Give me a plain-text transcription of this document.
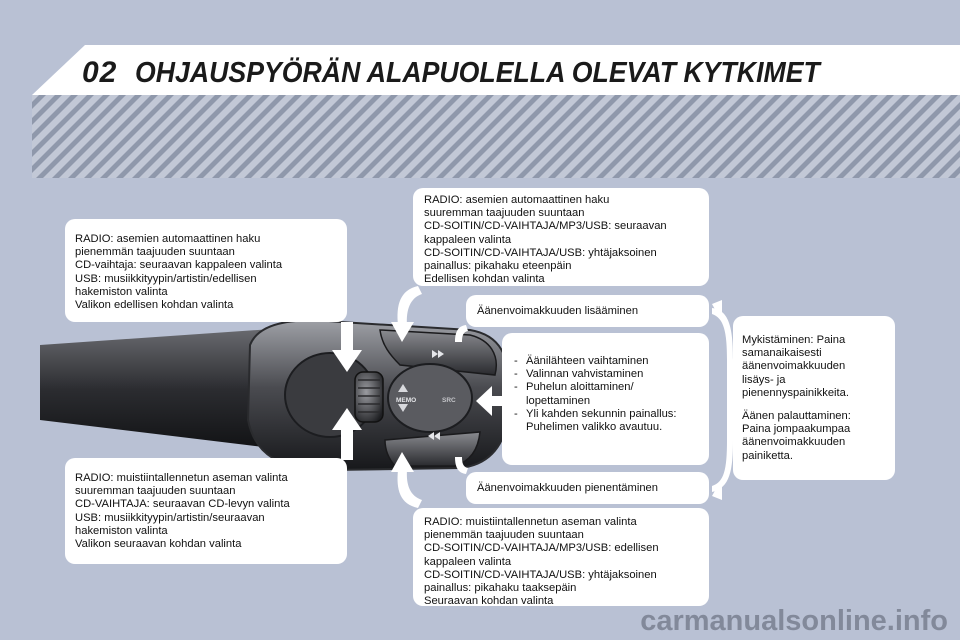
MEMO	SRC
02 OHJAUSPYÖRÄN ALAPUOLELLA OLEVAT KYTKIMET
RADIO: asemien automaattinen haku
pienemmän taajuuden suuntaan
CD-vaihtaja: seuraavan kappaleen valinta
USB: musiikkityypin/artistin/edellisen
hakemiston valinta
Valikon edellisen kohdan valinta
RADIO: muistiintallennetun aseman valinta
suuremman taajuuden suuntaan
CD-VAIHTAJA: seuraavan CD-levyn valinta
USB: musiikkityypin/artistin/seuraavan
hakemiston valinta
Valikon seuraavan kohdan valinta
RADIO: asemien automaattinen haku
suuremman taajuuden suuntaan
CD-SOITIN/CD-VAIHTAJA/MP3/USB: seuraavan
kappaleen valinta
CD-SOITIN/CD-VAIHTAJA/USB: yhtäjaksoinen
painallus: pikahaku eteenpäin
Edellisen kohdan valinta
RADIO: muistiintallennetun aseman valinta
pienemmän taajuuden suuntaan
CD-SOITIN/CD-VAIHTAJA/MP3/USB: edellisen
kappaleen valinta
CD-SOITIN/CD-VAIHTAJA/USB: yhtäjaksoinen
painallus: pikahaku taaksepäin
Seuraavan kohdan valinta
Äänenvoimakkuuden lisääminen
Äänenvoimakkuuden pienentäminen
- Äänilähteen vaihtaminen
- Valinnan vahvistaminen
- Puhelun aloittaminen/
lopettaminen
- Yli kahden sekunnin painallus:
Puhelimen valikko avautuu.
Mykistäminen: Paina
samanaikaisesti
äänenvoimakkuuden
lisäys- ja
pienennyspainikkeita.
Äänen palauttaminen:
Paina jompaakumpaa
äänenvoimakkuuden
painiketta.
carmanualsonline.info
